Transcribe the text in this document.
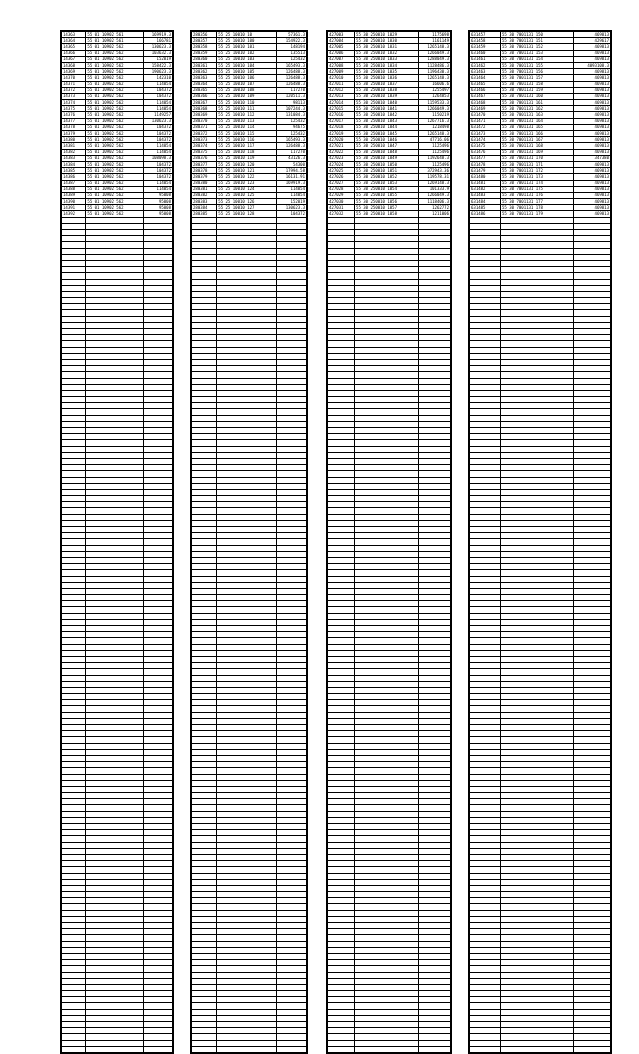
14363	55 01 10902 561	169919.3
14364	55 01 10902 561	166781
14365	55 01 10902 562	130623.3
14366	55 01 10902 562	103632.3
14367	55 01 10902 562	152019
14368	55 01 10902 562	158422.3
14369	55 01 10902 562	190623.3
14370	55 01 10902 562	142310
14371	55 01 10902 562	114054
14372	55 01 10902 562	104372
14373	55 01 10902 562	104372
14374	55 01 10902 562	114054
14375	55 01 10902 562	114054
14376	55 01 10902 562	1149257
14377	55 01 10902 562	130623.3
14378	55 01 10902 562	104372
14379	55 01 10902 562	104372
14380	55 01 10902 562	104372
14381	55 01 10902 562	114054
14382	55 01 10902 562	114054
14383	55 01 10902 562	108098.3
14384	55 01 10902 562	104372
14385	55 01 10902 562	104372
14386	55 01 10902 562	104372
14387	55 01 10902 562	114054
14388	55 01 10902 562	114054
14389	55 01 10902 562	95008
14390	55 01 10902 562	95008
14391	55 01 10902 562	95008
14392	55 01 10902 562	95008

280356	55 25 10010 10	57361.3
280357	55 25 10010 100	154922.3
280358	55 25 10010 101	148194
280359	55 25 10010 102	135513
280360	55 25 10010 103	125432
280361	55 25 10010 104	165493.3
280362	55 25 10010 105	126488.3
280363	55 25 10010 106	126488.3
280364	55 25 10010 107	126488.3
280365	55 25 10010 108	117270
280366	55 25 10010 109	120511.3
280367	55 25 10010 110	98113
280368	55 25 10010 111	107244.3
280369	55 25 10010 112	131084.3
280370	55 25 10010 113	125432
280371	55 25 10010 114	94675
280372	55 25 10010 115	125432
280373	55 25 10010 116	165493.3
280374	55 25 10010 117	126488.3
280375	55 25 10010 118	117270
280376	55 25 10010 119	43126.3
280377	55 25 10010 120	54300
280378	55 25 10010 121	17994.58
280379	55 25 10010 122	16131.91
280380	55 25 10010 123	169919.3
280381	55 25 10010 124	114054
280382	55 25 10010 125	114054
280383	55 25 10010 126	152019
280384	55 25 10010 127	130623.3
280385	55 25 10010 128	104372

427003	55 30 250010 1029	1175698
427004	55 30 250010 1030	1161149
427005	55 30 250010 1031	1265148.3
427006	55 30 250010 1032	1266049.3
427007	55 30 250010 1033	1288049.3
427008	55 30 250010 1034	1128486.3
427009	55 30 250010 1035	1196430.3
427010	55 30 250010 1036	1265148.3
427011	55 30 250010 1037	16606.6
427012	55 30 250010 1038	1255497
427013	55 30 250010 1039	1264853
427014	55 30 250010 1040	1159533.3
427015	55 30 250010 1041	1266049.3
427016	55 30 250010 1042	1150219
427017	55 30 250010 1043	1267716.3
427018	55 30 250010 1044	1218498
427019	55 30 250010 1045	1265148.3
427020	55 30 250010 1046	47716.06
427021	55 30 250010 1047	1125496
427022	55 30 250010 1048	1125496
427023	55 30 250010 1049	1192648.3
427024	55 30 250010 1050	1125496
427025	55 30 250010 1051	372943.36
427026	55 30 250010 1052	119578.31
427027	55 30 250010 1053	1269148.3
427028	55 30 250010 1054	101333.9
427029	55 30 250010 1055	1266049.3
427030	55 30 250010 1056	1118406.3
427031	55 30 250010 1057	1262772
427032	55 30 250010 1058	1211006

631457	55 30 7001131 150	469813
631458	55 30 7001131 151	429617
631459	55 30 7001131 152	469813
631460	55 30 7001131 153	469813
631461	55 30 7001131 154	469813
631462	55 30 7001131 155	4093108.3
631463	55 30 7001131 156	469813
631464	55 30 7001131 157	469813
631465	55 30 7001131 158	469813
631466	55 30 7001131 159	469813
631467	55 30 7001131 160	469813
631468	55 30 7001131 161	469813
631469	55 30 7001131 162	469813
631470	55 30 7001131 163	469813
631471	55 30 7001131 164	469813
631472	55 30 7001131 165	469813
631473	55 30 7001131 166	469813
631474	55 30 7001131 167	469813
631475	55 30 7001131 168	469813
631476	55 30 7001131 169	469813
631477	55 30 7001131 170	347380
631478	55 30 7001131 171	469813
631479	55 30 7001131 172	469813
631480	55 30 7001131 173	469813
631481	55 30 7001131 174	469813
631482	55 30 7001131 175	469813
631483	55 30 7001131 176	469813
631484	55 30 7001131 177	469813
631485	55 30 7001131 178	469813
631486	55 30 7001131 179	469813
